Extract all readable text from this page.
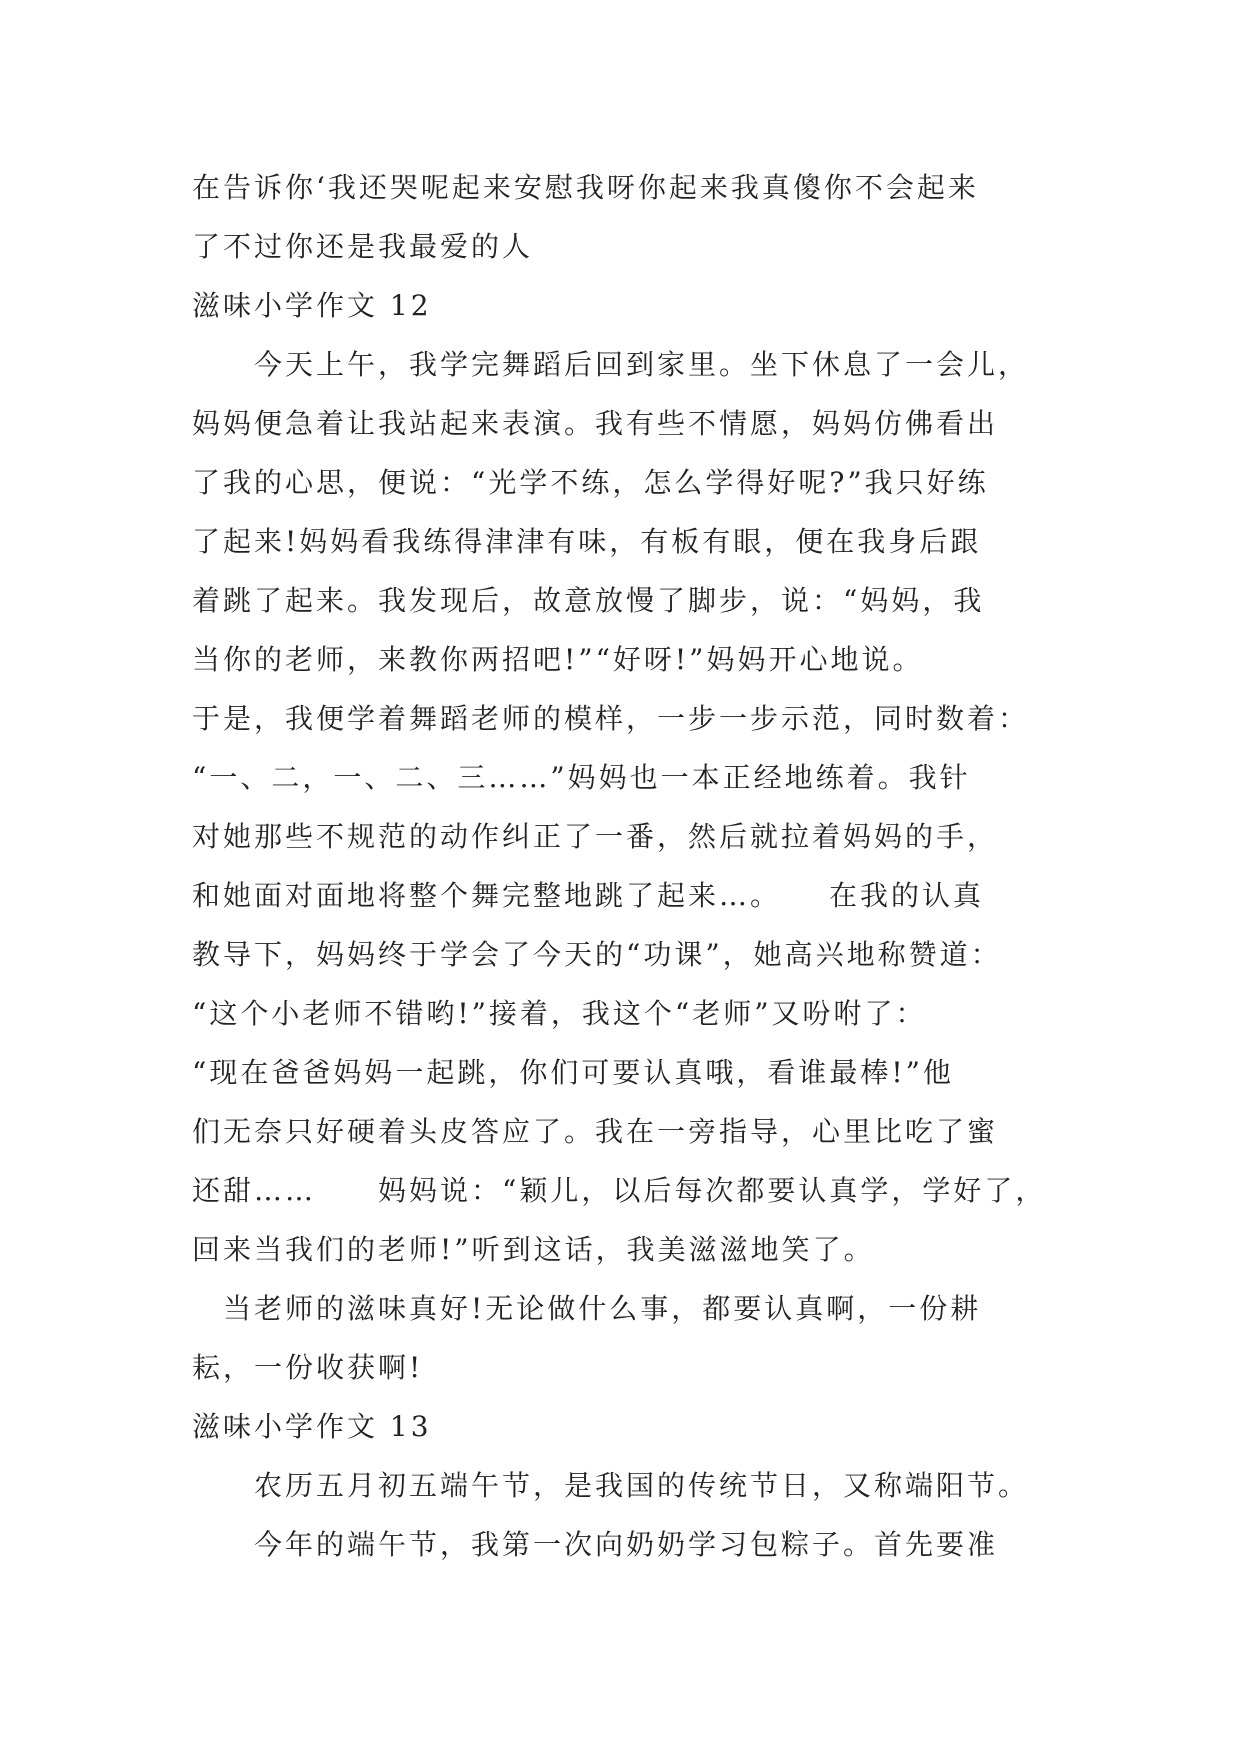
在告诉你‘我还哭呢起来安慰我呀你起来我真傻你不会起来
了不过你还是我最爱的人
滋味小学作文 12
　　今天上午，我学完舞蹈后回到家里。坐下休息了一会儿，
妈妈便急着让我站起来表演。我有些不情愿，妈妈仿佛看出
了我的心思，便说：“光学不练，怎么学得好呢?”我只好练
了起来!妈妈看我练得津津有味，有板有眼，便在我身后跟
着跳了起来。我发现后，故意放慢了脚步，说：“妈妈，我
当你的老师，来教你两招吧!”“好呀!”妈妈开心地说。
于是，我便学着舞蹈老师的模样，一步一步示范，同时数着：
“一、二，一、二、三……”妈妈也一本正经地练着。我针
对她那些不规范的动作纠正了一番，然后就拉着妈妈的手，
和她面对面地将整个舞完整地跳了起来…。　　在我的认真
教导下，妈妈终于学会了今天的“功课”，她高兴地称赞道：
“这个小老师不错哟!”接着，我这个“老师”又吩咐了：
“现在爸爸妈妈一起跳，你们可要认真哦，看谁最棒!”他
们无奈只好硬着头皮答应了。我在一旁指导，心里比吃了蜜
还甜……　　妈妈说：“颖儿，以后每次都要认真学，学好了，
回来当我们的老师!”听到这话，我美滋滋地笑了。
　当老师的滋味真好!无论做什么事，都要认真啊，一份耕
耘，一份收获啊!
滋味小学作文 13
　　农历五月初五端午节，是我国的传统节日，又称端阳节。
　　今年的端午节，我第一次向奶奶学习包粽子。首先要准
